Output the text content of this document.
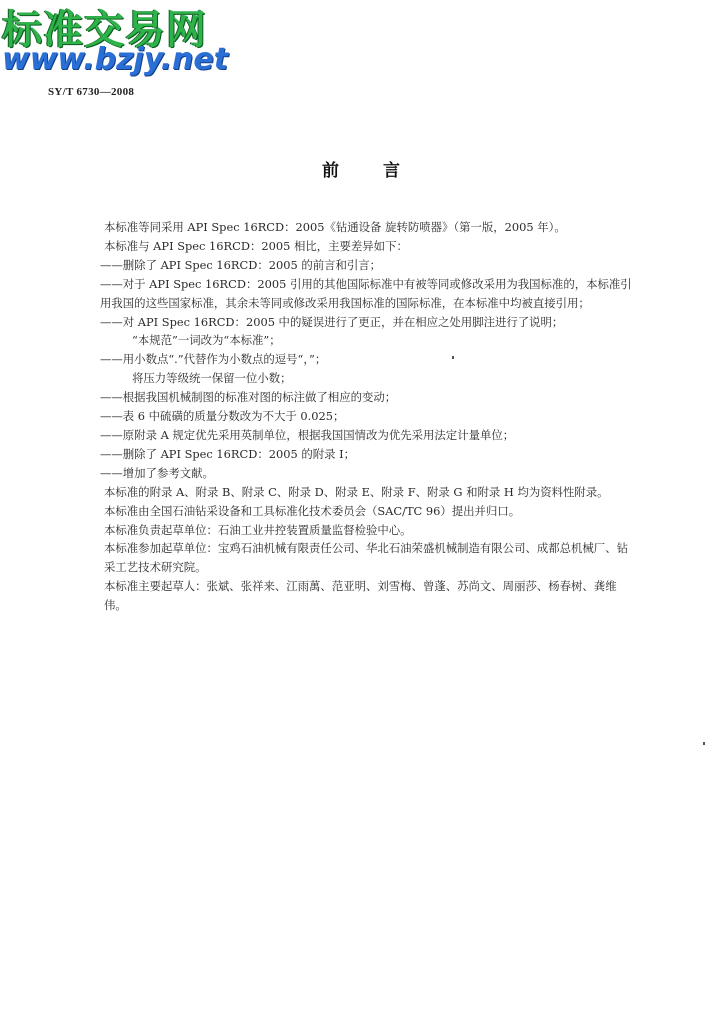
标准交易网
www.bzjy.net
SY/T 6730—2008
前言

本标准等同采用 API Spec 16RCD：2005《钻通设备 旋转防喷器》（第一版，2005 年）。

本标准与 API Spec 16RCD：2005 相比，主要差异如下：

——删除了 API Spec 16RCD：2005 的前言和引言；

——对于 API Spec 16RCD：2005 引用的其他国际标准中有被等同或修改采用为我国标准的，本标准引用我国的这些国家标准，其余未等同或修改采用我国标准的国际标准，在本标准中均被直接引用；

——对 API Spec 16RCD：2005 中的疑误进行了更正，并在相应之处用脚注进行了说明；

“本规范”一词改为“本标准”；

——用小数点“.”代替作为小数点的逗号“，”；

将压力等级统一保留一位小数；

——根据我国机械制图的标准对图的标注做了相应的变动；

——表 6 中硫磺的质量分数改为不大于 0.025；

——原附录 A 规定优先采用英制单位，根据我国国情改为优先采用法定计量单位；

——删除了 API Spec 16RCD：2005 的附录 I；

——增加了参考文献。

本标准的附录 A、附录 B、附录 C、附录 D、附录 E、附录 F、附录 G 和附录 H 均为资料性附录。

本标准由全国石油钻采设备和工具标准化技术委员会（SAC/TC 96）提出并归口。

本标准负责起草单位：石油工业井控装置质量监督检验中心。

本标准参加起草单位：宝鸡石油机械有限责任公司、华北石油荣盛机械制造有限公司、成都总机械厂、钻采工艺技术研究院。

本标准主要起草人：张斌、张祥来、江雨萬、范亚明、刘雪梅、曾蓬、苏尚文、周丽莎、杨春树、龚维伟。
